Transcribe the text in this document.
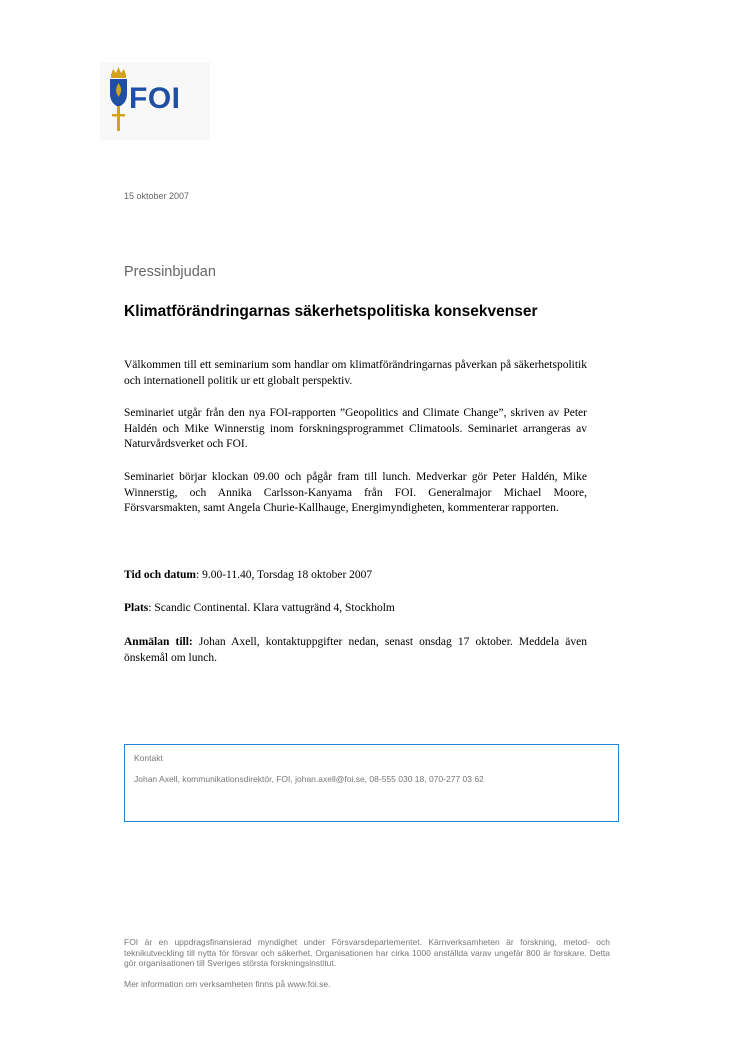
FOI
15 oktober 2007
Pressinbjudan
Klimatförändringarnas säkerhetspolitiska konsekvenser

Välkommen till ett seminarium som handlar om klimatförändringarnas påverkan på säkerhetspolitik och internationell politik ur ett globalt perspektiv.

Seminariet utgår från den nya FOI-rapporten ”Geopolitics and Climate Change”, skriven av Peter Haldén och Mike Winnerstig inom forskningsprogrammet Climatools. Seminariet arrangeras av Naturvårdsverket och FOI.

Seminariet börjar klockan 09.00 och pågår fram till lunch. Medverkar gör Peter Haldén, Mike Winnerstig, och Annika Carlsson-Kanyama från FOI. Generalmajor Michael Moore, Försvarsmakten, samt Angela Churie-Kallhauge, Energimyndigheten, kommenterar rapporten.

Tid och datum: 9.00-11.40, Torsdag 18 oktober 2007
Plats: Scandic Continental. Klara vattugränd 4, Stockholm
Anmälan till: Johan Axell, kontaktuppgifter nedan, senast onsdag 17 oktober. Meddela även önskemål om lunch.
Kontakt
Johan Axell, kommunikationsdirektör, FOI, johan.axell@foi.se, 08-555 030 18, 070-277 03 62
FOI är en uppdragsfinansierad myndighet under Försvarsdepartementet. Kärnverksamheten är forskning, metod- och teknikutveckling till nytta för försvar och säkerhet. Organisationen har cirka 1000 anställda varav ungefär 800 är forskare. Detta gör organisationen till Sveriges största forskningsinstitut.
Mer information om verksamheten finns på www.foi.se.
